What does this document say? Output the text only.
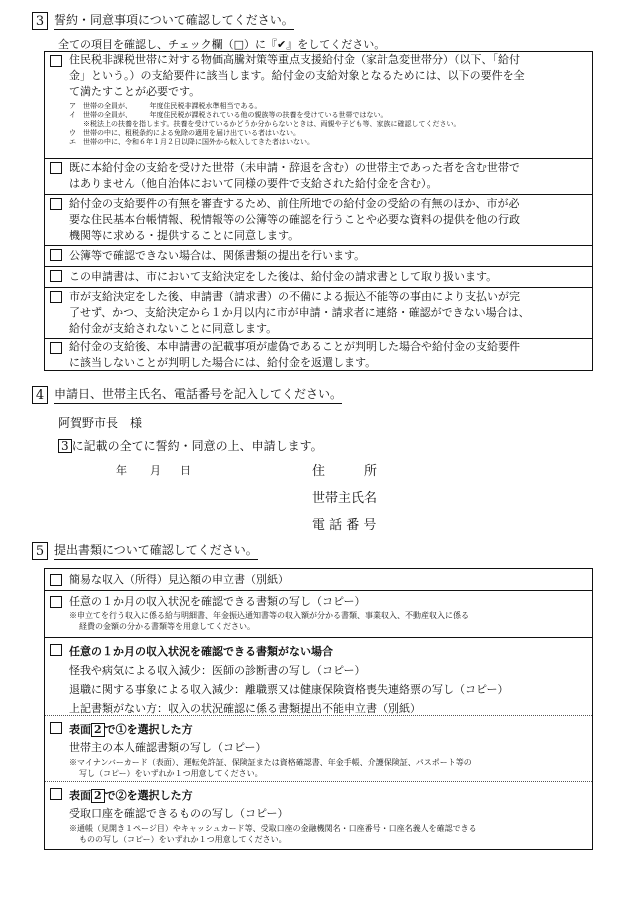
3 誓約・同意事項について確認してください。
全ての項目を確認し、チェック欄（□）に『✔』をしてください。
住民税非課税世帯に対する物価高騰対策等重点支援給付金（家計急変世帯分）（以下、「給付
金」という。）の支給要件に該当します。給付金の支給対象となるためには、以下の要件を全
て満たすことが必要です。
ア　世帯の全員が、　　　年度住民税非課税水準相当である。
イ　世帯の全員が、　　　年度住民税が課税されている他の親族等の扶養を受けている世帯ではない。
　　※税法上の扶養を指します。扶養を受けているかどうか分からないときは、両親や子ども等、家族に確認してください。
ウ　世帯の中に、租税条約による免除の適用を届け出ている者はいない。
エ　世帯の中に、令和６年１月２日以降に国外から転入してきた者はいない。
既に本給付金の支給を受けた世帯（未申請・辞退を含む）の世帯主であった者を含む世帯で
はありません（他自治体において同様の要件で支給された給付金を含む）。
給付金の支給要件の有無を審査するため、前住所地での給付金の受給の有無のほか、市が必
要な住民基本台帳情報、税情報等の公簿等の確認を行うことや必要な資料の提供を他の行政
機関等に求める・提供することに同意します。
公簿等で確認できない場合は、関係書類の提出を行います。
この申請書は、市において支給決定をした後は、給付金の請求書として取り扱います。
市が支給決定をした後、申請書（請求書）の不備による振込不能等の事由により支払いが完
了せず、かつ、支給決定から１か月以内に市が申請・請求者に連絡・確認ができない場合は、
給付金が支給されないことに同意します。
給付金の支給後、本申請書の記載事項が虚偽であることが判明した場合や給付金の支給要件
に該当しないことが判明した場合には、給付金を返還します。
4 申請日、世帯主氏名、電話番号を記入してください。
阿賀野市長　様
3 に記載の全てに誓約・同意の上、申請します。
年 月 日	住　　　所
世帯主氏名
電 話 番 号
5 提出書類について確認してください。
簡易な収入（所得）見込額の申立書（別紙）
任意の１か月の収入状況を確認できる書類の写し（コピー）
※申立てを行う収入に係る給与明細書、年金振込通知書等の収入額が分かる書類、事業収入、不動産収入に係る
経費の金額の分かる書類等を用意してください。
任意の１か月の収入状況を確認できる書類がない場合
怪我や病気による収入減少：医師の診断書の写し（コピー）
退職に関する事象による収入減少：離職票又は健康保険資格喪失連絡票の写し（コピー）
上記書類がない方：収入の状況確認に係る書類提出不能申立書（別紙）
表面 2 で①を選択した方
世帯主の本人確認書類の写し（コピー）
※マイナンバーカード（表面）、運転免許証、保険証または資格確認書、年金手帳、介護保険証、パスポート等の
写し（コピー）をいずれか１つ用意してください。
表面 2 で②を選択した方
受取口座を確認できるものの写し（コピー）
※通帳（見開き１ページ目）やキャッシュカード等、受取口座の金融機関名・口座番号・口座名義人を確認できる
ものの写し（コピー）をいずれか１つ用意してください。
